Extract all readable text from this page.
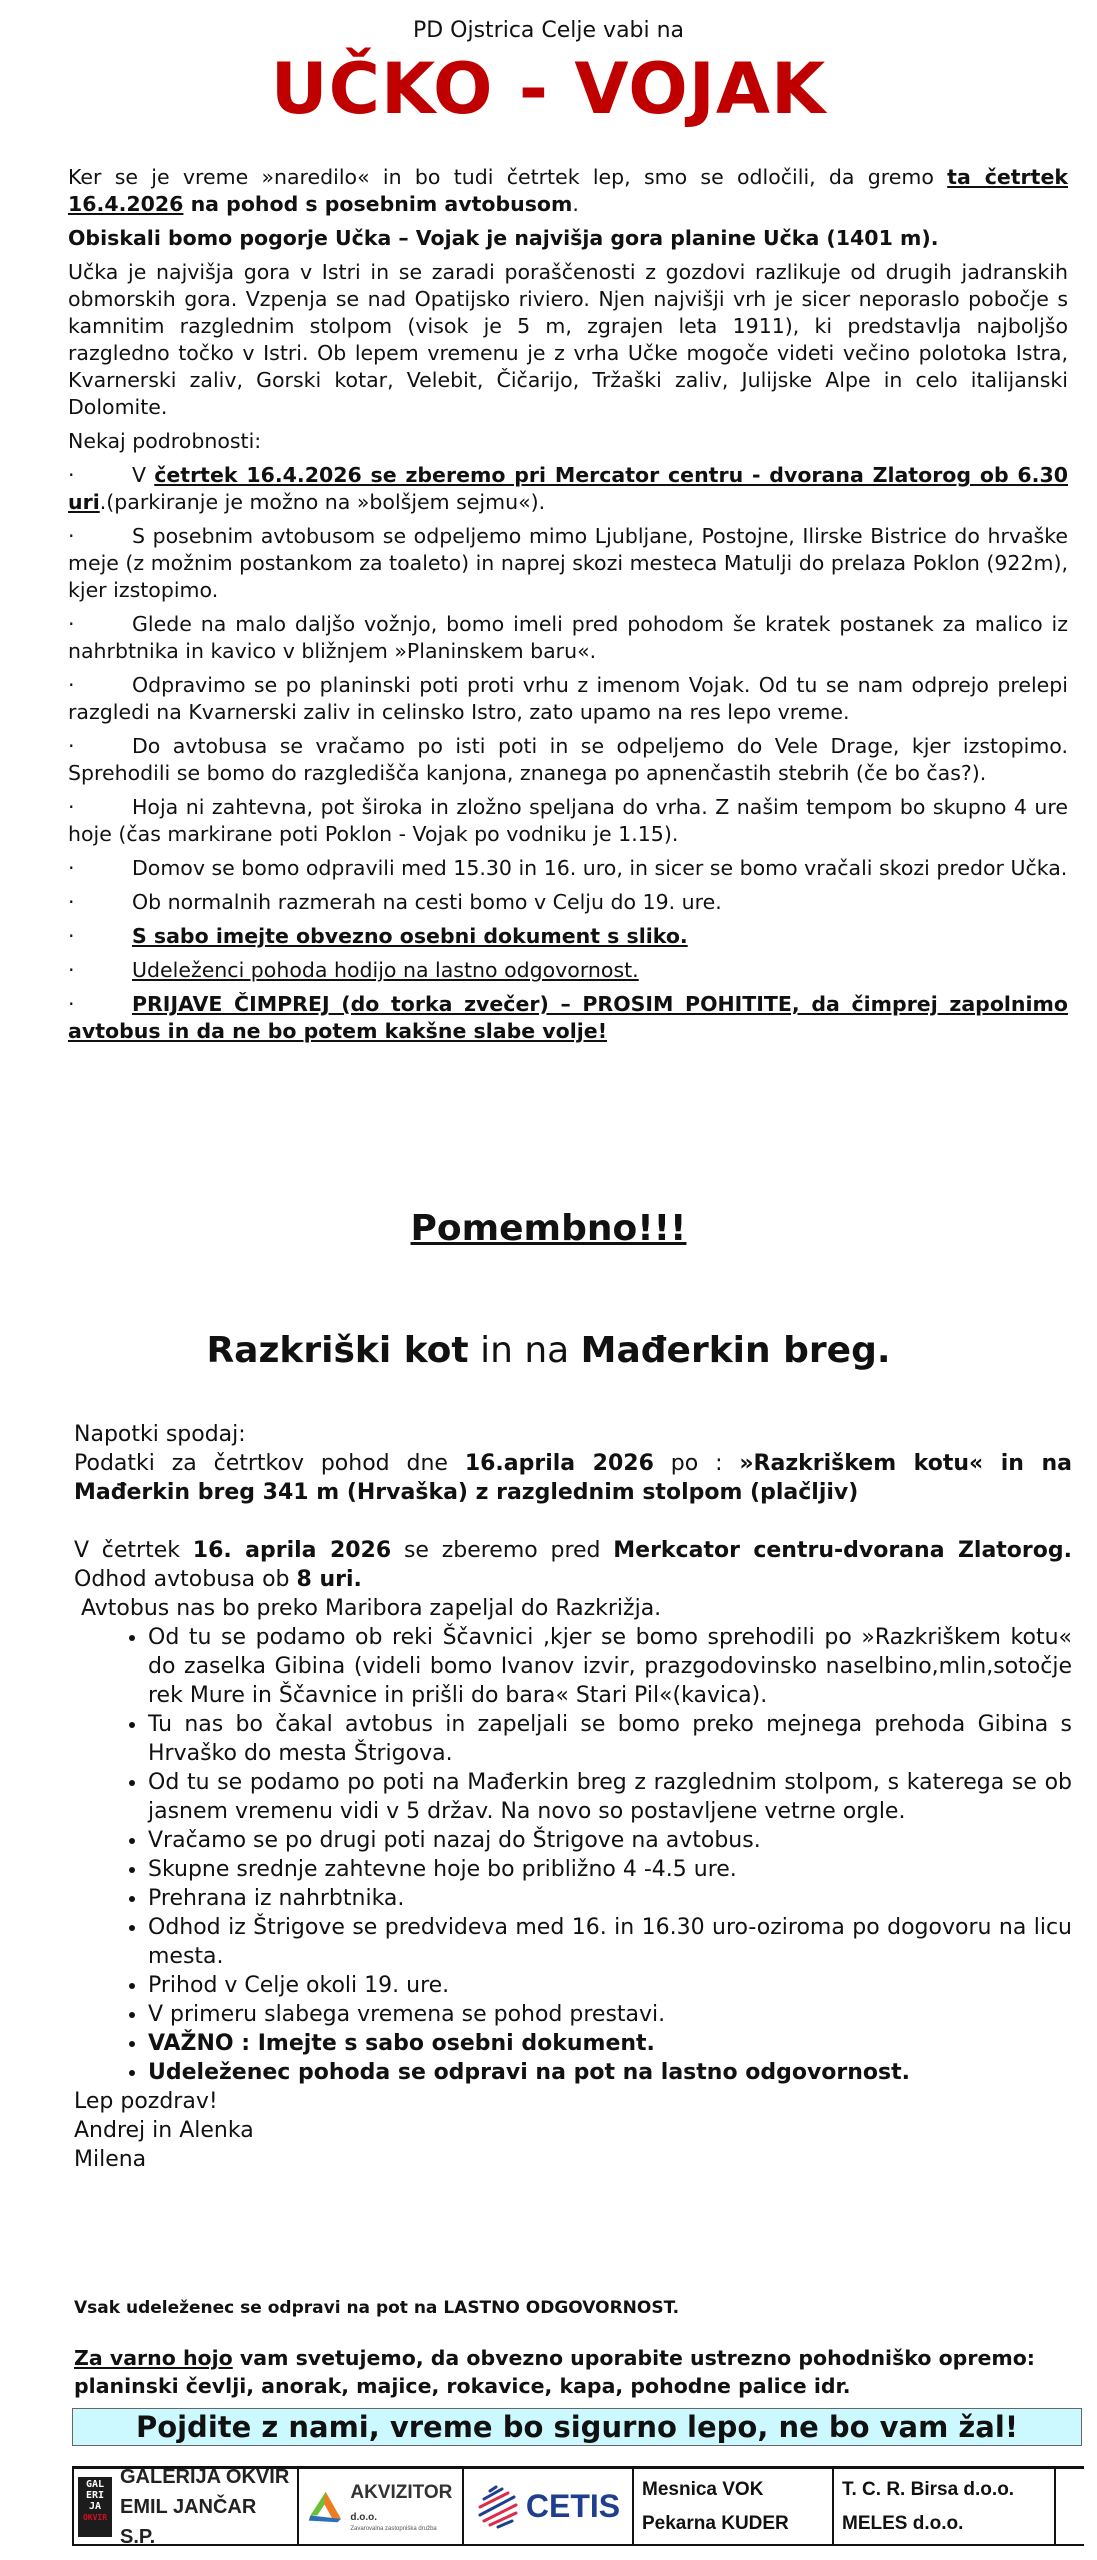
PD Ojstrica Celje vabi na
UČKO - VOJAK

Ker se je vreme »naredilo« in bo tudi četrtek lep, smo se odločili, da gremo ta četrtek 16.4.2026 na pohod s posebnim avtobusom.

Obiskali bomo pogorje Učka – Vojak je najvišja gora planine Učka (1401 m).

Učka je najvišja gora v Istri in se zaradi poraščenosti z gozdovi razlikuje od drugih jadranskih obmorskih gora. Vzpenja se nad Opatijsko riviero. Njen najvišji vrh je sicer neporaslo pobočje s kamnitim razglednim stolpom (visok je 5 m, zgrajen leta 1911), ki predstavlja najboljšo razgledno točko v Istri. Ob lepem vremenu je z vrha Učke mogoče videti večino polotoka Istra, Kvarnerski zaliv, Gorski kotar, Velebit, Čičarijo, Tržaški zaliv, Julijske Alpe in celo italijanski Dolomite.

Nekaj podrobnosti:

·	V četrtek 16.4.2026 se zberemo pri Mercator centru - dvorana Zlatorog ob 6.30 uri.(parkiranje je možno na »bolšjem sejmu«).
·	S posebnim avtobusom se odpeljemo mimo Ljubljane, Postojne, Ilirske Bistrice do hrvaške meje (z možnim postankom za toaleto) in naprej skozi mesteca Matulji do prelaza Poklon (922m), kjer izstopimo.
·	Glede na malo daljšo vožnjo, bomo imeli pred pohodom še kratek postanek za malico iz nahrbtnika in kavico v bližnjem »Planinskem baru«.
·	Odpravimo se po planinski poti proti vrhu z imenom Vojak. Od tu se nam odprejo prelepi razgledi na Kvarnerski zaliv in celinsko Istro, zato upamo na res lepo vreme.
·	Do avtobusa se vračamo po isti poti in se odpeljemo do Vele Drage, kjer izstopimo. Sprehodili se bomo do razgledišča kanjona, znanega po apnenčastih stebrih (če bo čas?).
·	Hoja ni zahtevna, pot široka in zložno speljana do vrha. Z našim tempom bo skupno 4 ure hoje (čas markirane poti Poklon - Vojak po vodniku je 1.15).
·	Domov se bomo odpravili med 15.30 in 16. uro, in sicer se bomo vračali skozi predor Učka.
·	Ob normalnih razmerah na cesti bomo v Celju do 19. ure.
·	S sabo imejte obvezno osebni dokument s sliko.
·	Udeleženci pohoda hodijo na lastno odgovornost.
·	PRIJAVE ČIMPREJ (do torka zvečer) – PROSIM POHITITE, da čimprej zapolnimo avtobus in da ne bo potem kakšne slabe volje!
Pomembno!!!
Razkriški kot in na Mađerkin breg.

Napotki spodaj:

Podatki za četrtkov pohod dne 16.aprila 2026 po : »Razkriškem kotu« in na Mađerkin breg 341 m (Hrvaška) z razglednim stolpom (plačljiv)

V četrtek 16. aprila 2026 se zberemo pred Merkcator centru-dvorana Zlatorog. Odhod avtobusa ob 8 uri.

Avtobus nas bo preko Maribora zapeljal do Razkrižja.

• Od tu se podamo ob reki Ščavnici ,kjer se bomo sprehodili po »Razkriškem kotu« do zaselka Gibina (videli bomo Ivanov izvir, prazgodovinsko naselbino,mlin,sotočje rek Mure in Ščavnice in prišli do bara« Stari Pil«(kavica).
• Tu nas bo čakal avtobus in zapeljali se bomo preko mejnega prehoda Gibina s Hrvaško do mesta Štrigova.
• Od tu se podamo po poti na Mađerkin breg z razglednim stolpom, s katerega se ob jasnem vremenu vidi v 5 držav. Na novo so postavljene vetrne orgle.
• Vračamo se po drugi poti nazaj do Štrigove na avtobus.
• Skupne srednje zahtevne hoje bo približno 4 -4.5 ure.
• Prehrana iz nahrbtnika.
• Odhod iz Štrigove se predvideva med 16. in 16.30 uro-oziroma po dogovoru na licu mesta.
• Prihod v Celje okoli 19. ure.
• V primeru slabega vremena se pohod prestavi.
• VAŽNO : Imejte s sabo osebni dokument.
• Udeleženec pohoda se odpravi na pot na lastno odgovornost.

Lep pozdrav!

Andrej in Alenka

Milena

Vsak udeleženec se odpravi na pot na LASTNO ODGOVORNOST.
Za varno hojo vam svetujemo, da obvezno uporabite ustrezno pohodniško opremo: planinski čevlji, anorak, majice, rokavice, kapa, pohodne palice idr.
Pojdite z nami, vreme bo sigurno lepo, ne bo vam žal!
GAL
ERI
JA
OKVIR
GALERIJA OKVIR
EMIL JANČAR S.P.
AKVIZITOR d.o.o.
Zavarovalna zastopniška družba
CETIS Mesnica VOK
Pekarna KUDER
T. C. R. Birsa d.o.o.
MELES d.o.o.
